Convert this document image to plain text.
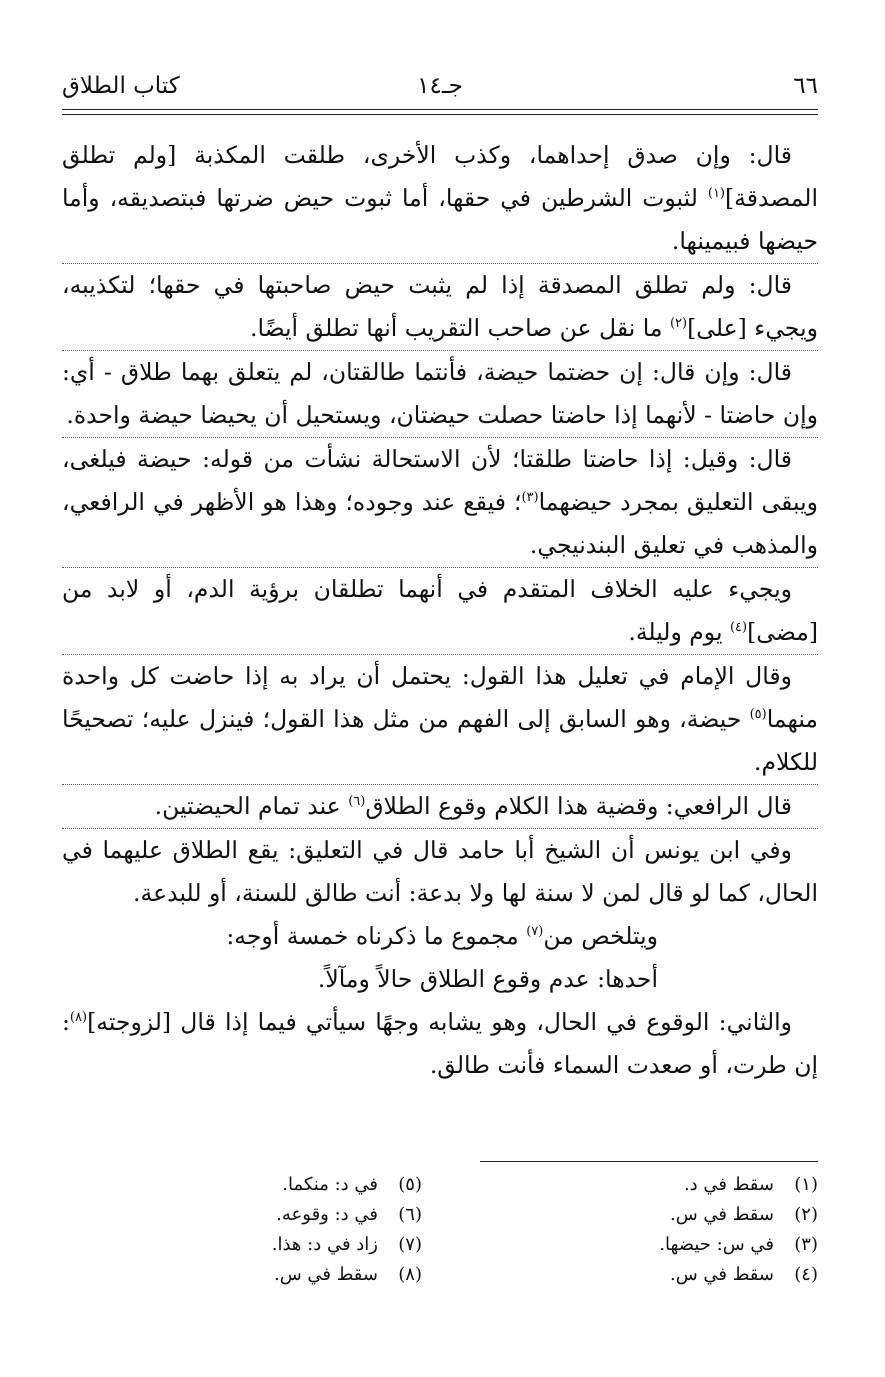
٦٦
جـ١٤
كتاب الطلاق

قال: وإن صدق إحداهما، وكذب الأخرى، طلقت المكذبة [ولم تطلق المصدقة]$^{(١)}$ لثبوت الشرطين في حقها، أما ثبوت حيض ضرتها فبتصديقه، وأما حيضها فبيمينها.

قال: ولم تطلق المصدقة إذا لم يثبت حيض صاحبتها في حقها؛ لتكذيبه، ويجيء [على]$^{(٢)}$ ما نقل عن صاحب التقريب أنها تطلق أيضًا.

قال: وإن قال: إن حضتما حيضة، فأنتما طالقتان، لم يتعلق بهما طلاق - أي: وإن حاضتا - لأنهما إذا حاضتا حصلت حيضتان، ويستحيل أن يحيضا حيضة واحدة.

قال: وقيل: إذا حاضتا طلقتا؛ لأن الاستحالة نشأت من قوله: حيضة فيلغى، ويبقى التعليق بمجرد حيضهما$^{(٣)}$؛ فيقع عند وجوده؛ وهذا هو الأظهر في الرافعي، والمذهب في تعليق البندنيجي.

ويجيء عليه الخلاف المتقدم في أنهما تطلقان برؤية الدم، أو لابد من [مضى]$^{(٤)}$ يوم وليلة.

وقال الإمام في تعليل هذا القول: يحتمل أن يراد به إذا حاضت كل واحدة منهما$^{(٥)}$ حيضة، وهو السابق إلى الفهم من مثل هذا القول؛ فينزل عليه؛ تصحيحًا للكلام.

قال الرافعي: وقضية هذا الكلام وقوع الطلاق$^{(٦)}$ عند تمام الحيضتين.

وفي ابن يونس أن الشيخ أبا حامد قال في التعليق: يقع الطلاق عليهما في الحال، كما لو قال لمن لا سنة لها ولا بدعة: أنت طالق للسنة، أو للبدعة.

ويتلخص من$^{(٧)}$ مجموع ما ذكرناه خمسة أوجه:

أحدها: عدم وقوع الطلاق حالاً ومآلاً.

والثاني: الوقوع في الحال، وهو يشابه وجهًا سيأتي فيما إذا قال [لزوجته]$^{(٨)}$: إن طرت، أو صعدت السماء فأنت طالق.

(١)سقط في د.
(٢)سقط في س.
(٣)في س: حيضها.
(٤)سقط في س.
(٥)في د: منكما.
(٦)في د: وقوعه.
(٧)زاد في د: هذا.
(٨)سقط في س.
